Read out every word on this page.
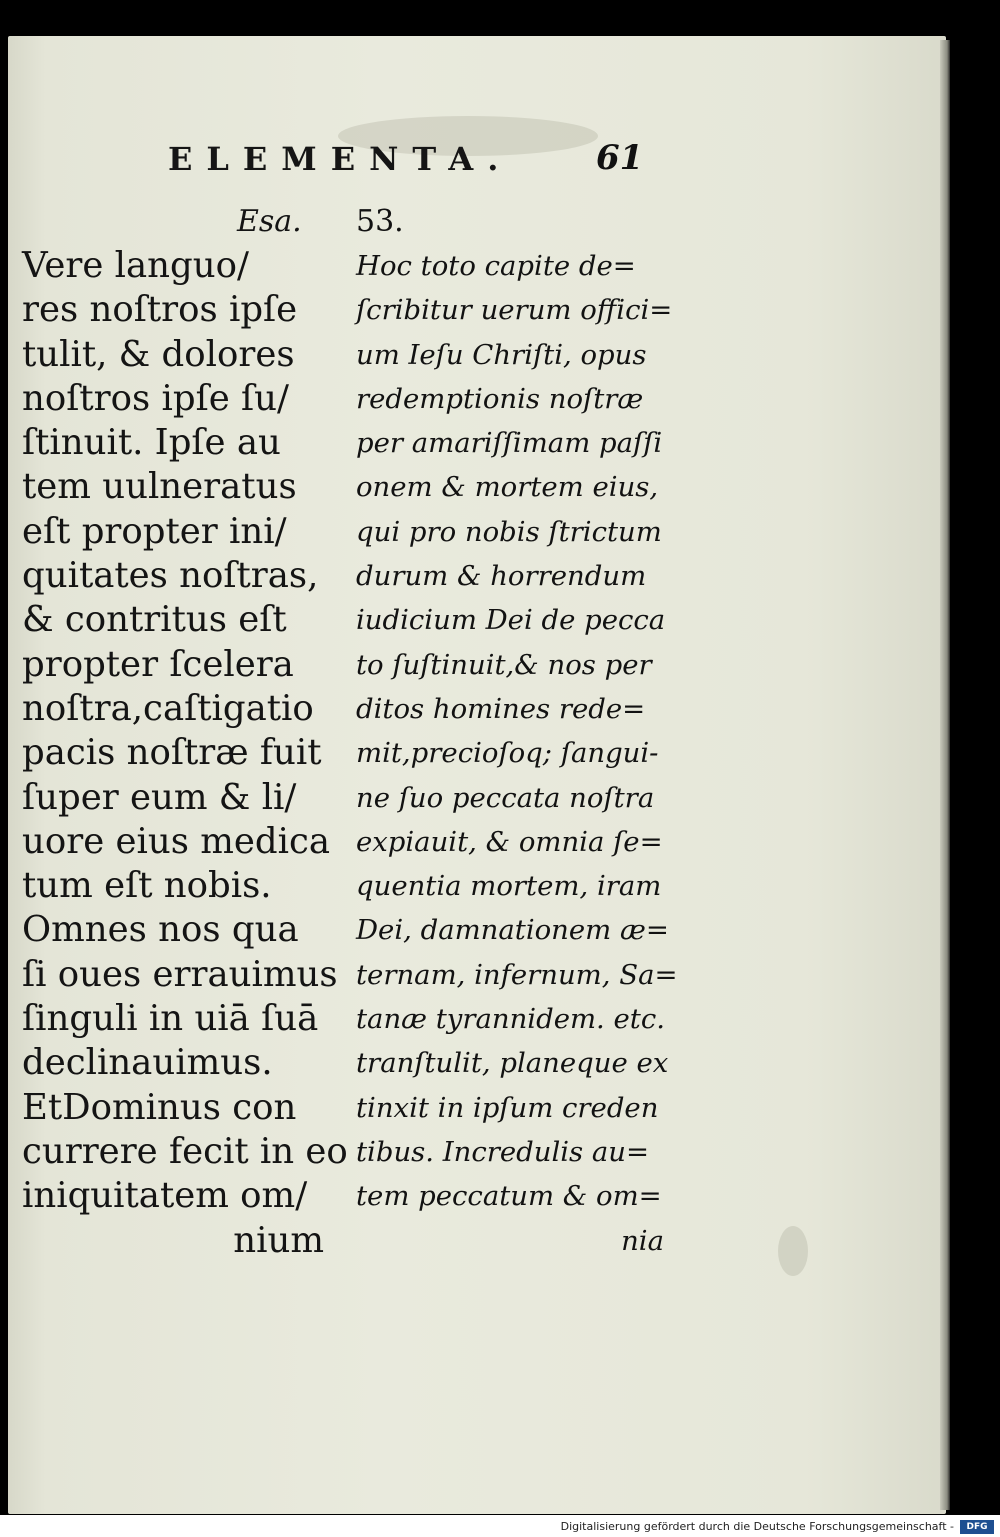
ELEMENTA. 61
Esa.
Vere languo/
res noſtros ipſe
tulit, & dolores
noſtros ipſe ſu/
ſtinuit. Ipſe au
tem uulneratus
eſt propter ini/
quitates noſtras,
& contritus eſt
propter ſcelera
noſtra,caſtigatio
pacis noſtræ fuit
ſuper eum & li/
uore eius medica
tum eſt nobis.
Omnes nos qua
ſi oues errauimus
ſinguli in uiā ſuā
declinauimus.
EtDominus con
currere fecit in eo
iniquitatem om/
nium
53.
Hoc toto capite de=
ſcribitur uerum offici=
um Ieſu Chriſti, opus
redemptionis noſtræ
per amariſſimam paſſi
onem & mortem eius,
qui pro nobis ſtrictum
durum & horrendum
iudicium Dei de pecca
to ſuſtinuit,& nos per
ditos homines rede=
mit,precioſoq; ſangui-
ne ſuo peccata noſtra
expiauit, & omnia ſe=
quentia mortem, iram
Dei, damnationem æ=
ternam, infernum, Sa=
tanæ tyrannidem. etc.
tranſtulit, planeque ex
tinxit in ipſum creden
tibus. Incredulis au=
tem peccatum & om=
nia
Digitalisierung gefördert durch die Deutsche Forschungsgemeinschaft -	DFG
